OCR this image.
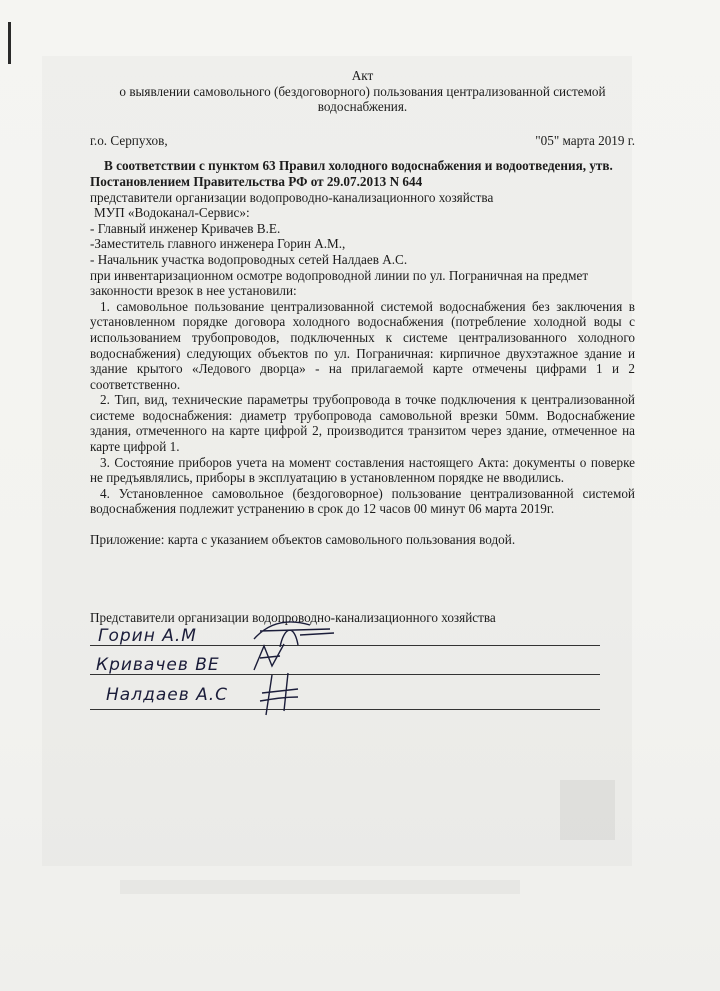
Акт

о выявлении самовольного (бездоговорного) пользования централизованной системой

водоснабжения.

г.о. Серпухов,	"05" марта 2019 г.

В соответствии с пунктом 63 Правил холодного водоснабжения и водоотведения, утв.

Постановлением Правительства РФ от 29.07.2013 N 644

представители организации водопроводно-канализационного хозяйства

МУП «Водоканал-Сервис»:

- Главный инженер Кривачев В.Е.

-Заместитель главного инженера Горин А.М.,

- Начальник участка водопроводных сетей Налдаев А.С.

при инвентаризационном осмотре водопроводной линии по ул. Пограничная на предмет

законности врезок в нее установили:

1. самовольное пользование централизованной системой водоснабжения без заключения в установленном порядке договора холодного водоснабжения (потребление холодной воды с использованием трубопроводов, подключенных к системе централизованного холодного водоснабжения) следующих объектов по ул. Пограничная: кирпичное двухэтажное здание и здание крытого «Ледового дворца» - на прилагаемой карте отмечены цифрами 1 и 2 соответственно.

2. Тип, вид, технические параметры трубопровода в точке подключения к централизованной системе водоснабжения: диаметр трубопровода самовольной врезки 50мм. Водоснабжение здания, отмеченного на карте цифрой 2, производится транзитом через здание, отмеченное на карте цифрой 1.

3. Состояние приборов учета на момент составления настоящего Акта: документы о поверке не предъявлялись, приборы в эксплуатацию в установленном порядке не вводились.

4. Установленное самовольное (бездоговорное) пользование централизованной системой водоснабжения подлежит устранению в срок до 12 часов 00 минут 06 марта 2019г.

Приложение: карта с указанием объектов самовольного пользования водой.

Представители организации водопроводно-канализационного хозяйства

Горин А.М
Кривачев ВЕ
Налдаев А.С
